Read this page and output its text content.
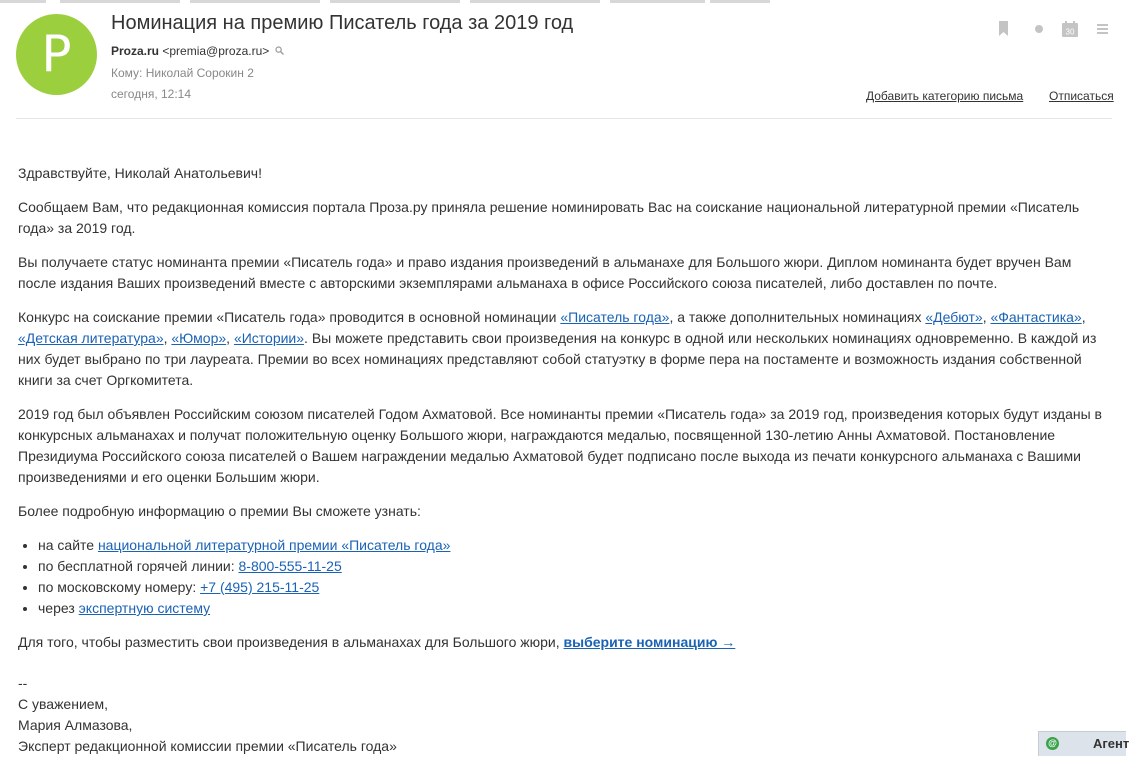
P
Номинация на премию Писатель года за 2019 год
Proza.ru <premia@proza.ru>
Кому: Николай Сорокин 2
сегодня, 12:14
30
Добавить категорию письма Отписаться

Здравствуйте, Николай Анатольевич!

Сообщаем Вам, что редакционная комиссия портала Проза.ру приняла решение номинировать Вас на соискание национальной литературной премии «Писатель года» за 2019 год.

Вы получаете статус номинанта премии «Писатель года» и право издания произведений в альманахе для Большого жюри. Диплом номинанта будет вручен Вам после издания Ваших произведений вместе с авторскими экземплярами альманаха в офисе Российского союза писателей, либо доставлен по почте.

Конкурс на соискание премии «Писатель года» проводится в основной номинации «Писатель года», а также дополнительных номинациях «Дебют», «Фантастика», «Детская литература», «Юмор», «Истории». Вы можете представить свои произведения на конкурс в одной или нескольких номинациях одновременно. В каждой из них будет выбрано по три лауреата. Премии во всех номинациях представляют собой статуэтку в форме пера на постаменте и возможность издания собственной книги за счет Оргкомитета.

2019 год был объявлен Российским союзом писателей Годом Ахматовой. Все номинанты премии «Писатель года» за 2019 год, произведения которых будут изданы в конкурсных альманахах и получат положительную оценку Большого жюри, награждаются медалью, посвященной 130-летию Анны Ахматовой. Постановление Президиума Российского союза писателей о Вашем награждении медалью Ахматовой будет подписано после выхода из печати конкурсного альманаха с Вашими произведениями и его оценки Большим жюри.

Более подробную информацию о премии Вы сможете узнать:

• на сайте национальной литературной премии «Писатель года»
• по бесплатной горячей линии: 8-800-555-11-25
• по московскому номеру: +7 (495) 215-11-25
• через экспертную систему

Для того, чтобы разместить свои произведения в альманахах для Большого жюри, выберите номинацию →

--
С уважением,
Мария Алмазова,
Эксперт редакционной комиссии премии «Писатель года»	@	Агент
